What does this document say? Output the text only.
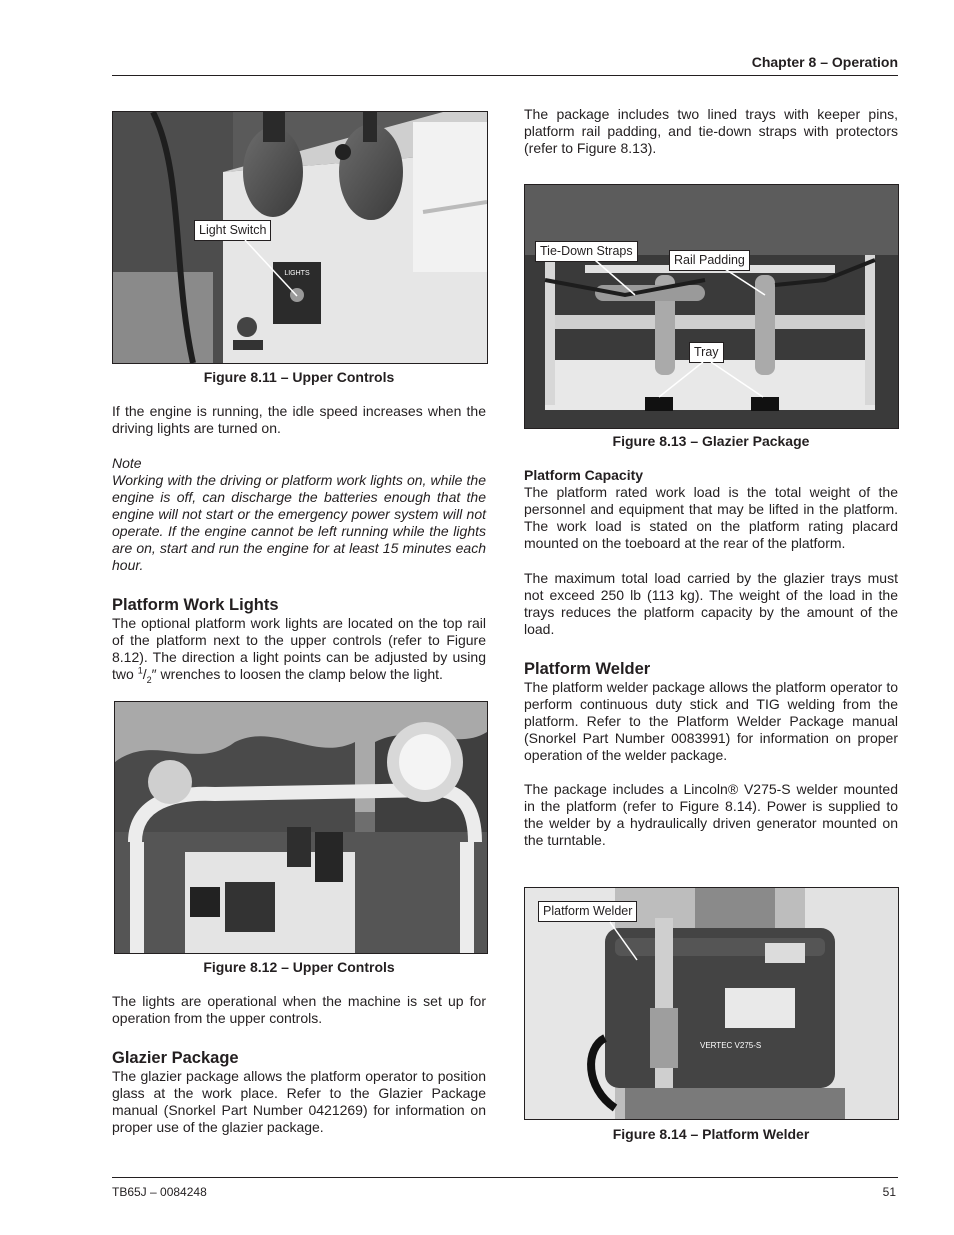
Chapter 8 – Operation
LIGHTS
Light Switch
Figure 8.11 – Upper Controls

If the engine is running, the idle speed increases when the driving lights are turned on.

Note

Working with the driving or platform work lights on, while the engine is off, can discharge the batteries enough that the engine will not start or the emergency power system will not operate. If the engine cannot be left running while the lights are on, start and run the engine for at least 15 minutes each hour.

Platform Work Lights

The optional platform work lights are located on the top rail of the platform next to the upper controls (refer to Figure 8.12). The direction a light points can be adjusted by using two $^1/_2''$ wrenches to loosen the clamp below the light.

Figure 8.12 – Upper Controls

The lights are operational when the machine is set up for operation from the upper controls.

Glazier Package

The glazier package allows the platform operator to position glass at the work place. Refer to the Glazier Package manual (Snorkel Part Number 0421269) for information on proper use of the glazier package.

The package includes two lined trays with keeper pins, platform rail padding, and tie-down straps with protectors (refer to Figure 8.13).

Tie-Down Straps
Rail Padding
Tray
Figure 8.13 – Glazier Package
Platform Capacity

The platform rated work load is the total weight of the personnel and equipment that may be lifted in the platform. The work load is stated on the platform rating placard mounted on the toeboard at the rear of the platform.

The maximum total load carried by the glazier trays must not exceed 250 lb (113 kg). The weight of the load in the trays reduces the platform capacity by the amount of the load.

Platform Welder

The platform welder package allows the platform operator to perform continuous duty stick and TIG welding from the platform. Refer to the Platform Welder Package manual (Snorkel Part Number 0083991) for information on proper operation of the welder package.

The package includes a Lincoln® V275-S welder mounted in the platform (refer to Figure 8.14). Power is supplied to the welder by a hydraulically driven generator mounted on the turntable.

VERTEC V275-S
Platform Welder
Figure 8.14 – Platform Welder
TB65J – 0084248	51
